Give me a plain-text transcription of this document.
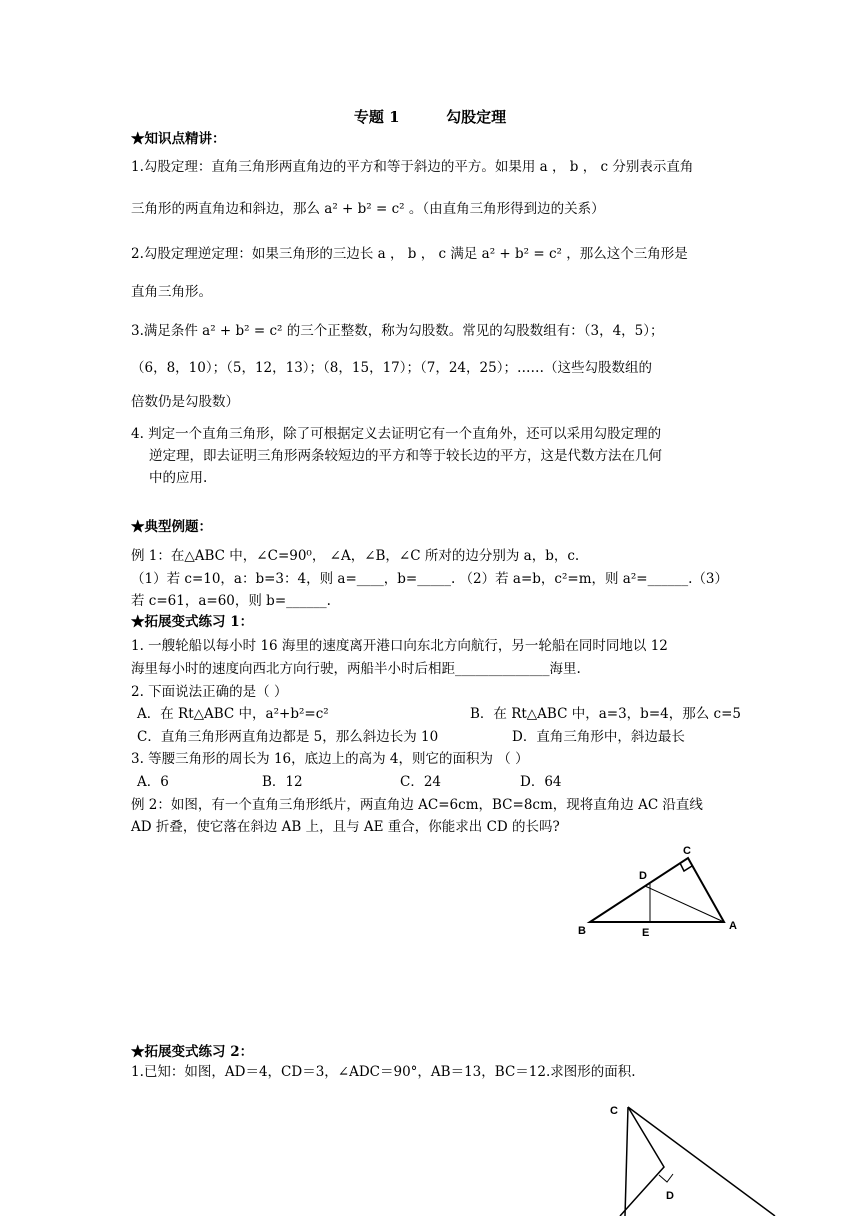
专题 1	勾股定理
★知识点精讲：
1.勾股定理：直角三角形两直角边的平方和等于斜边的平方。如果用 a ， b ， c 分别表示直角
三角形的两直角边和斜边，那么 a² + b² = c² 。（由直角三角形得到边的关系）
2.勾股定理逆定理：如果三角形的三边长 a ， b ， c 满足 a² + b² = c² ，那么这个三角形是
直角三角形。
3.满足条件 a² + b² = c² 的三个正整数，称为勾股数。常见的勾股数组有：（3，4，5）；
（6，8，10）；（5，12，13）；（8，15，17）；（7，24，25）；……（这些勾股数组的
倍数仍是勾股数）
4. 判定一个直角三角形，除了可根据定义去证明它有一个直角外，还可以采用勾股定理的
逆定理，即去证明三角形两条较短边的平方和等于较长边的平方，这是代数方法在几何
中的应用.
★典型例题：
例 1：在△ABC 中，∠C=90⁰， ∠A，∠B，∠C 所对的边分别为 a，b，c.
（1）若 c=10，a：b=3：4，则 a=____，b=_____. （2）若 a=b，c²=m，则 a²=______.（3）
若 c=61，a=60，则 b=______.
★拓展变式练习 1：
1. 一艘轮船以每小时 16 海里的速度离开港口向东北方向航行，另一轮船在同时同地以 12
海里每小时的速度向西北方向行驶，两船半小时后相距______________海里.
2. 下面说法正确的是（ ）
A．在 Rt△ABC 中，a²+b²=c²	B．在 Rt△ABC 中，a=3，b=4，那么 c=5
C．直角三角形两直角边都是 5，那么斜边长为 10	D．直角三角形中，斜边最长
3. 等腰三角形的周长为 16，底边上的高为 4，则它的面积为 （ ）
A．6	B．12	C．24	D．64
例 2：如图，有一个直角三角形纸片，两直角边 AC=6cm，BC=8cm，现将直角边 AC 沿直线
AD 折叠，使它落在斜边 AB 上，且与 AE 重合，你能求出 CD 的长吗?
C
D
A
B	E
★拓展变式练习 2：
1.已知：如图，AD＝4，CD＝3，∠ADC＝90°，AB＝13，BC＝12.求图形的面积.
C
D
